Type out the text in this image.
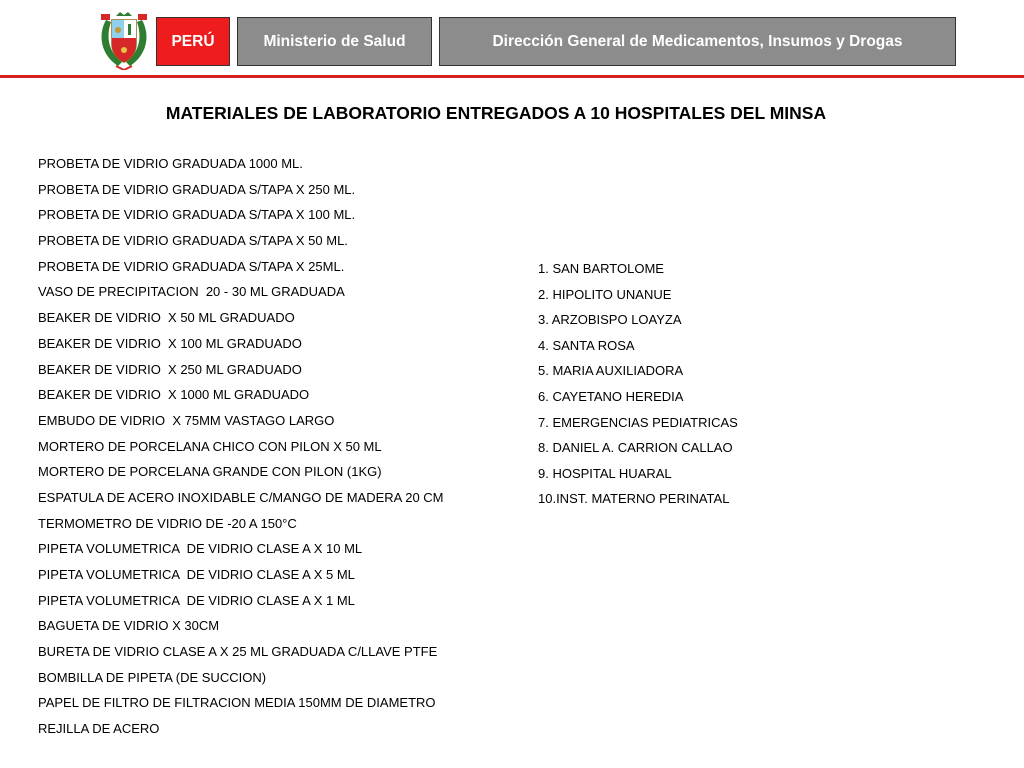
PERÚ	Ministerio de Salud	Dirección General de Medicamentos, Insumos y Drogas
MATERIALES DE LABORATORIO ENTREGADOS A 10 HOSPITALES DEL MINSA
PROBETA DE VIDRIO GRADUADA 1000 ML.
PROBETA DE VIDRIO GRADUADA S/TAPA X 250 ML.
PROBETA DE VIDRIO GRADUADA S/TAPA X 100 ML.
PROBETA DE VIDRIO GRADUADA S/TAPA X 50 ML.
PROBETA DE VIDRIO GRADUADA S/TAPA X 25ML.
VASO DE PRECIPITACION  20 - 30 ML GRADUADA
BEAKER DE VIDRIO  X 50 ML GRADUADO
BEAKER DE VIDRIO  X 100 ML GRADUADO
BEAKER DE VIDRIO  X 250 ML GRADUADO
BEAKER DE VIDRIO  X 1000 ML GRADUADO
EMBUDO DE VIDRIO  X 75MM VASTAGO LARGO
MORTERO DE PORCELANA CHICO CON PILON X 50 ML
MORTERO DE PORCELANA GRANDE CON PILON (1KG)
ESPATULA DE ACERO INOXIDABLE C/MANGO DE MADERA 20 CM
TERMOMETRO DE VIDRIO DE -20 A 150°C
PIPETA VOLUMETRICA  DE VIDRIO CLASE A X 10 ML
PIPETA VOLUMETRICA  DE VIDRIO CLASE A X 5 ML
PIPETA VOLUMETRICA  DE VIDRIO CLASE A X 1 ML
BAGUETA DE VIDRIO X 30CM
BURETA DE VIDRIO CLASE A X 25 ML GRADUADA C/LLAVE PTFE
BOMBILLA DE PIPETA (DE SUCCION)
PAPEL DE FILTRO DE FILTRACION MEDIA 150MM DE DIAMETRO
REJILLA DE ACERO
1. SAN BARTOLOME
2. HIPOLITO UNANUE
3. ARZOBISPO LOAYZA
4. SANTA ROSA
5. MARIA AUXILIADORA
6. CAYETANO HEREDIA
7. EMERGENCIAS PEDIATRICAS
8. DANIEL A. CARRION CALLAO
9. HOSPITAL HUARAL
10.INST. MATERNO PERINATAL
